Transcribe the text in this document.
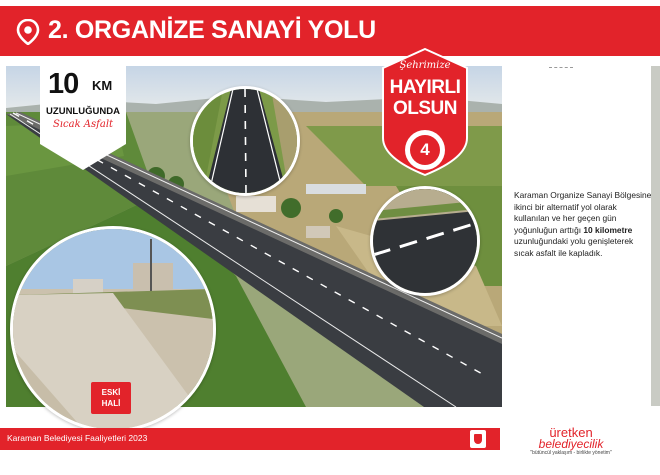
2. ORGANİZE SANAYİ YOLU
10 KM
UZUNLUĞUNDA
Sıcak Asfalt
Şehrimize
HAYIRLI
OLSUN
4
ESKİ
HALİ
Karaman Organize Sanayi Bölgesine ikinci bir alternatif yol olarak kullanılan ve her geçen gün yoğunluğun arttığı 10 kilometre uzunluğundaki yolu genişleterek sıcak asfalt ile kapladık.
Karaman Belediyesi Faaliyetleri 2023	üretken
belediyecilik
"bütüncül yaklaşım - birlikte yönetim"
